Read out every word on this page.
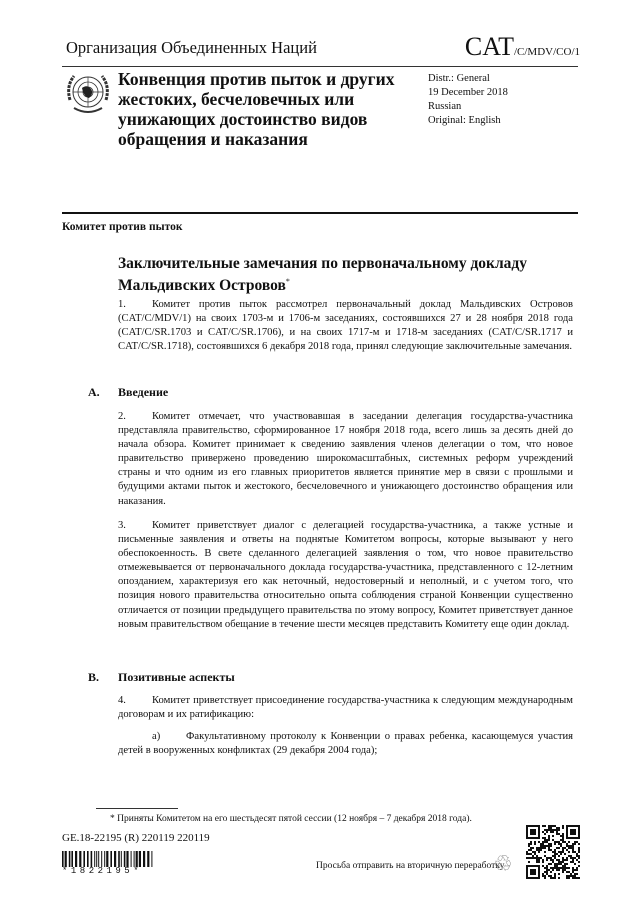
Организация Объединенных Наций	CAT/C/MDV/CO/1
Конвенция против пыток и других жестоких, бесчеловечных или унижающих достоинство видов обращения и наказания
Distr.: General
19 December 2018
Russian
Original: English
Комитет против пыток
Заключительные замечания по первоначальному докладу Мальдивских Островов*
1. Комитет против пыток рассмотрел первоначальный доклад Мальдивских Островов (CAT/C/MDV/1) на своих 1703-м и 1706-м заседаниях, состоявшихся 27 и 28 ноября 2018 года (CAT/C/SR.1703 и CAT/C/SR.1706), и на своих 1717-м и 1718-м заседаниях (CAT/C/SR.1717 и CAT/C/SR.1718), состоявшихся 6 декабря 2018 года, принял следующие заключительные замечания.
A. Введение
2. Комитет отмечает, что участвовавшая в заседании делегация государства-участника представляла правительство, сформированное 17 ноября 2018 года, всего лишь за десять дней до начала обзора. Комитет принимает к сведению заявления членов делегации о том, что новое правительство привержено проведению широкомасштабных, системных реформ учреждений страны и что одним из его главных приоритетов является принятие мер в связи с прошлыми и будущими актами пыток и жестокого, бесчеловечного и унижающего достоинство обращения или наказания.
3. Комитет приветствует диалог с делегацией государства-участника, а также устные и письменные заявления и ответы на поднятые Комитетом вопросы, которые вызывают у него обеспокоенность. В свете сделанного делегацией заявления о том, что новое правительство отмежевывается от первоначального доклада государства-участника, представленного с 12-летним опозданием, характеризуя его как неточный, недостоверный и неполный, и с учетом того, что позиция нового правительства относительно опыта соблюдения страной Конвенции существенно отличается от позиции предыдущего правительства по этому вопросу, Комитет приветствует данное новым правительством обещание в течение шести месяцев представить Комитету еще один доклад.
B. Позитивные аспекты
4. Комитет приветствует присоединение государства-участника к следующим международным договорам и их ратификацию:
a) Факультативному протоколу к Конвенции о правах ребенка, касающемуся участия детей в вооруженных конфликтах (29 декабря 2004 года);
* Приняты Комитетом на его шестьдесят пятой сессии (12 ноября – 7 декабря 2018 года).
GE.18-22195 (R) 220119 220119
*1822195*	Просьба отправить на вторичную переработку
♲
